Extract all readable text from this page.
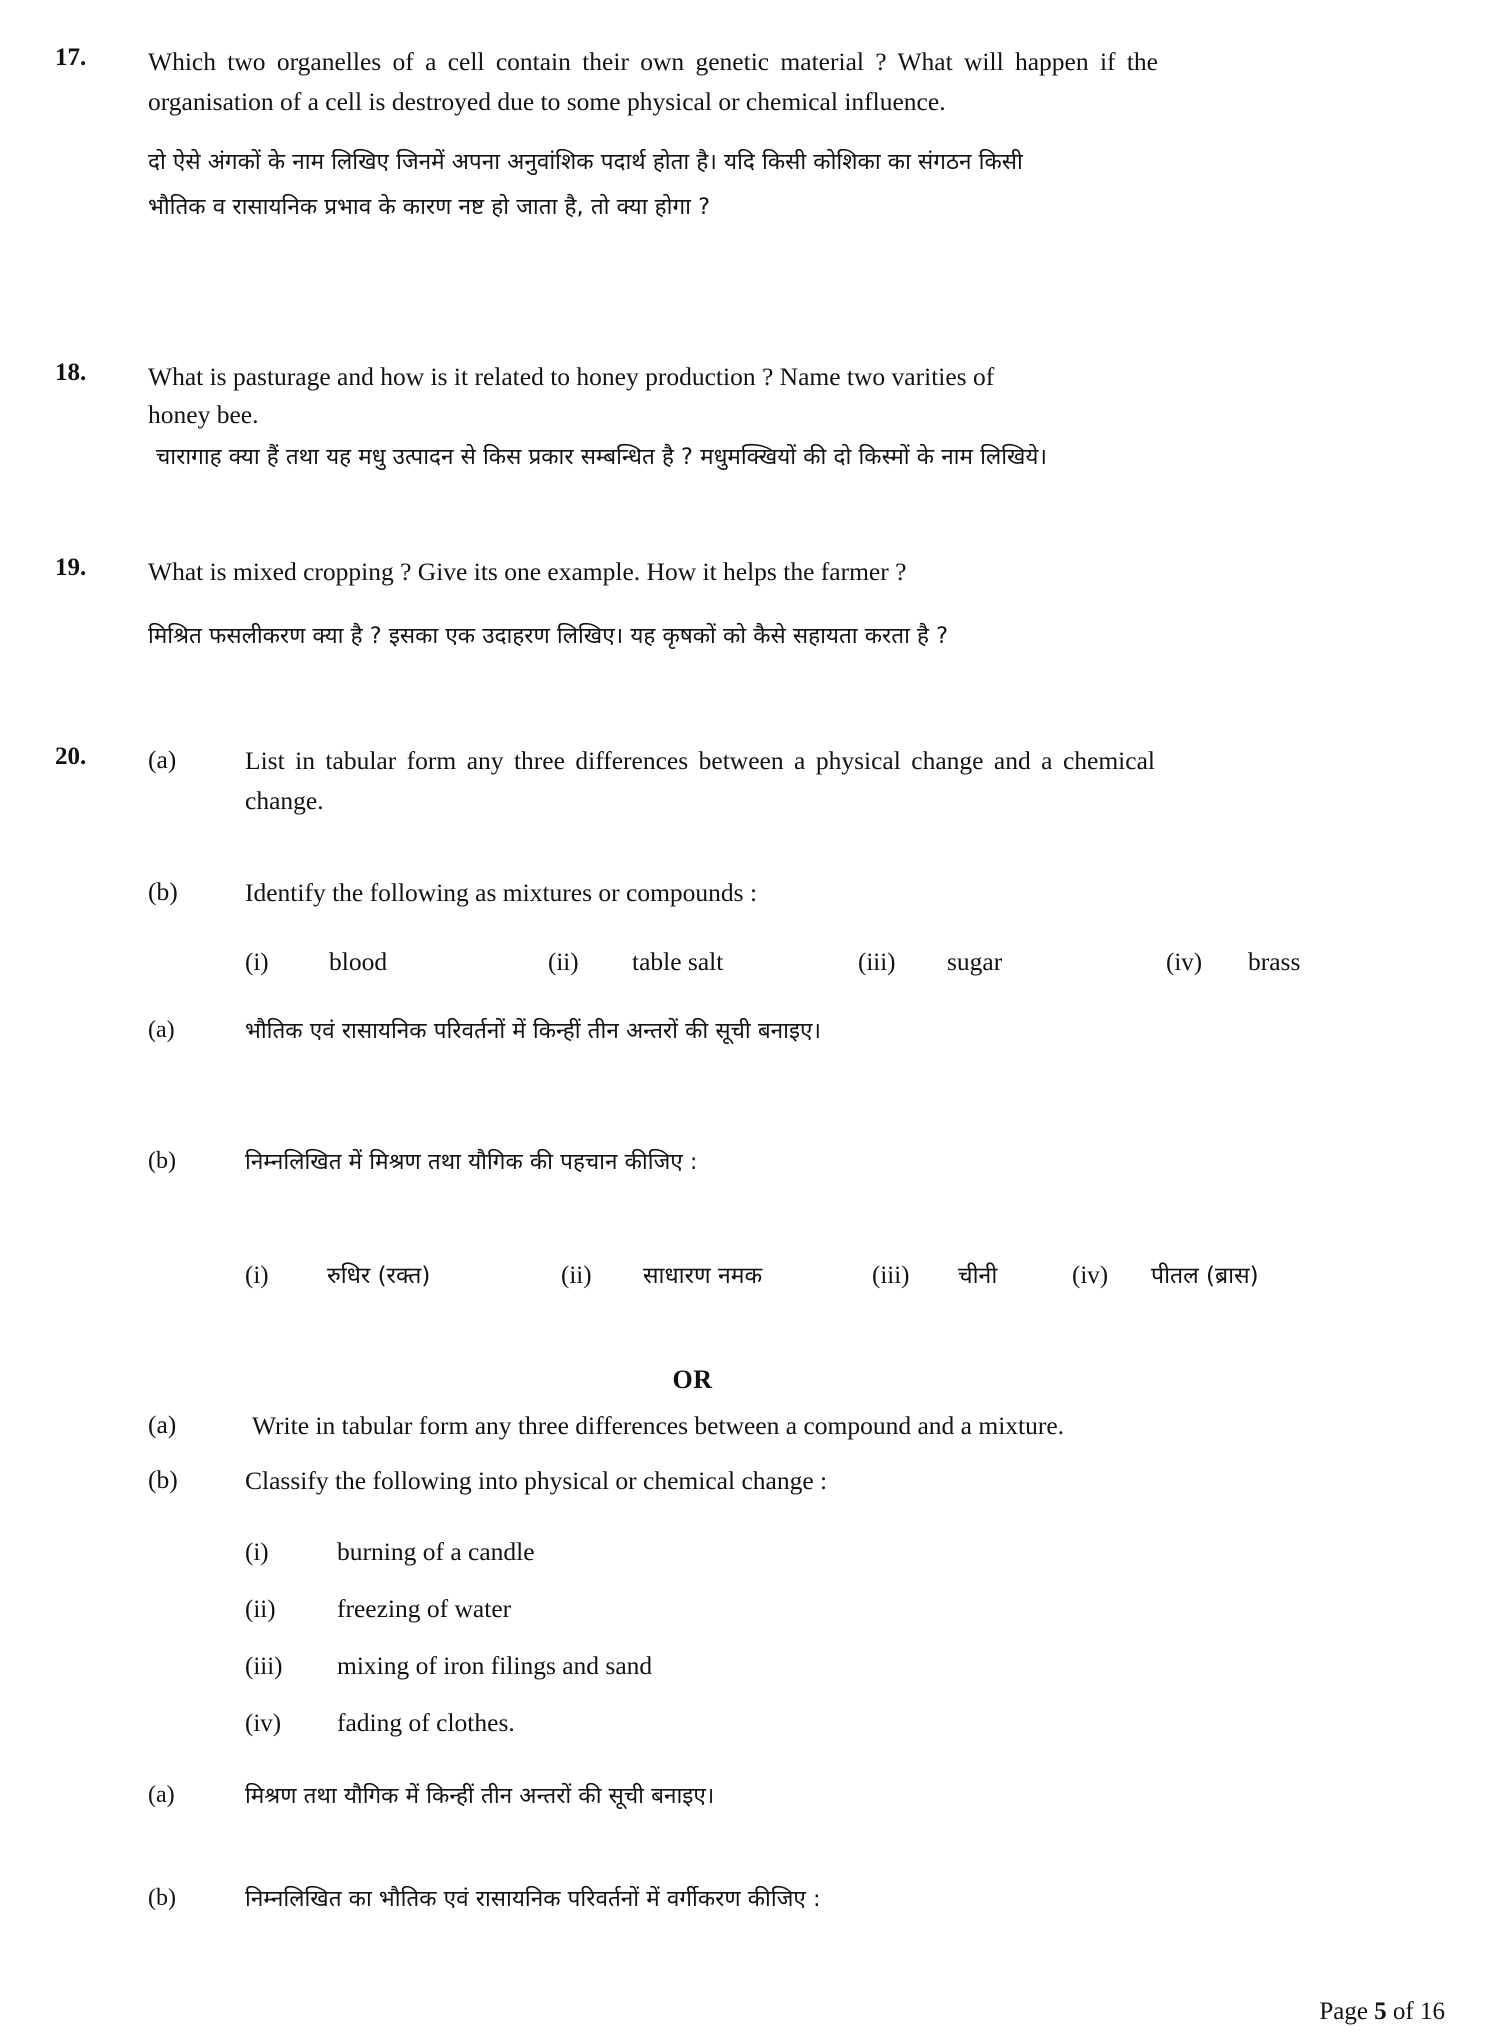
17.	Which two organelles of a cell contain their own genetic material ? What will happen if the organisation of a cell is destroyed due to some physical or chemical influence.
दो ऐसे अंगकों के नाम लिखिए जिनमें अपना अनुवांशिक पदार्थ होता है। यदि किसी कोशिका का संगठन किसी
भौतिक व रासायनिक प्रभाव के कारण नष्ट हो जाता है, तो क्या होगा ?
18.	What is pasturage and how is it related to honey production ? Name two varities of
honey bee.
चारागाह क्या हैं तथा यह मधु उत्पादन से किस प्रकार सम्बन्धित है ? मधुमक्खियों की दो किस्मों के नाम लिखिये।
19.	What is mixed cropping ? Give its one example. How it helps the farmer ?
मिश्रित फसलीकरण क्या है ? इसका एक उदाहरण लिखिए। यह कृषकों को कैसे सहायता करता है ?
20.	(a)	List in tabular form any three differences between a physical change and a chemical change.
(b)	Identify the following as mixtures or compounds :
(i) blood	(ii) table salt	(iii) sugar	(iv) brass
(a)	भौतिक एवं रासायनिक परिवर्तनों में किन्हीं तीन अन्तरों की सूची बनाइए।
(b)	निम्नलिखित में मिश्रण तथा यौगिक की पहचान कीजिए :
(i)	रुधिर (रक्त)	(ii) साधारण नमक	(iii) चीनी	(iv) पीतल (ब्रास)
OR
(a)	Write in tabular form any three differences between a compound and a mixture.
(b)	Classify the following into physical or chemical change :
(i)	burning of a candle
(ii) freezing of water
(iii) mixing of iron filings and sand
(iv) fading of clothes.
(a)	मिश्रण तथा यौगिक में किन्हीं तीन अन्तरों की सूची बनाइए।
(b)	निम्नलिखित का भौतिक एवं रासायनिक परिवर्तनों में वर्गीकरण कीजिए :
Page 5 of 16
